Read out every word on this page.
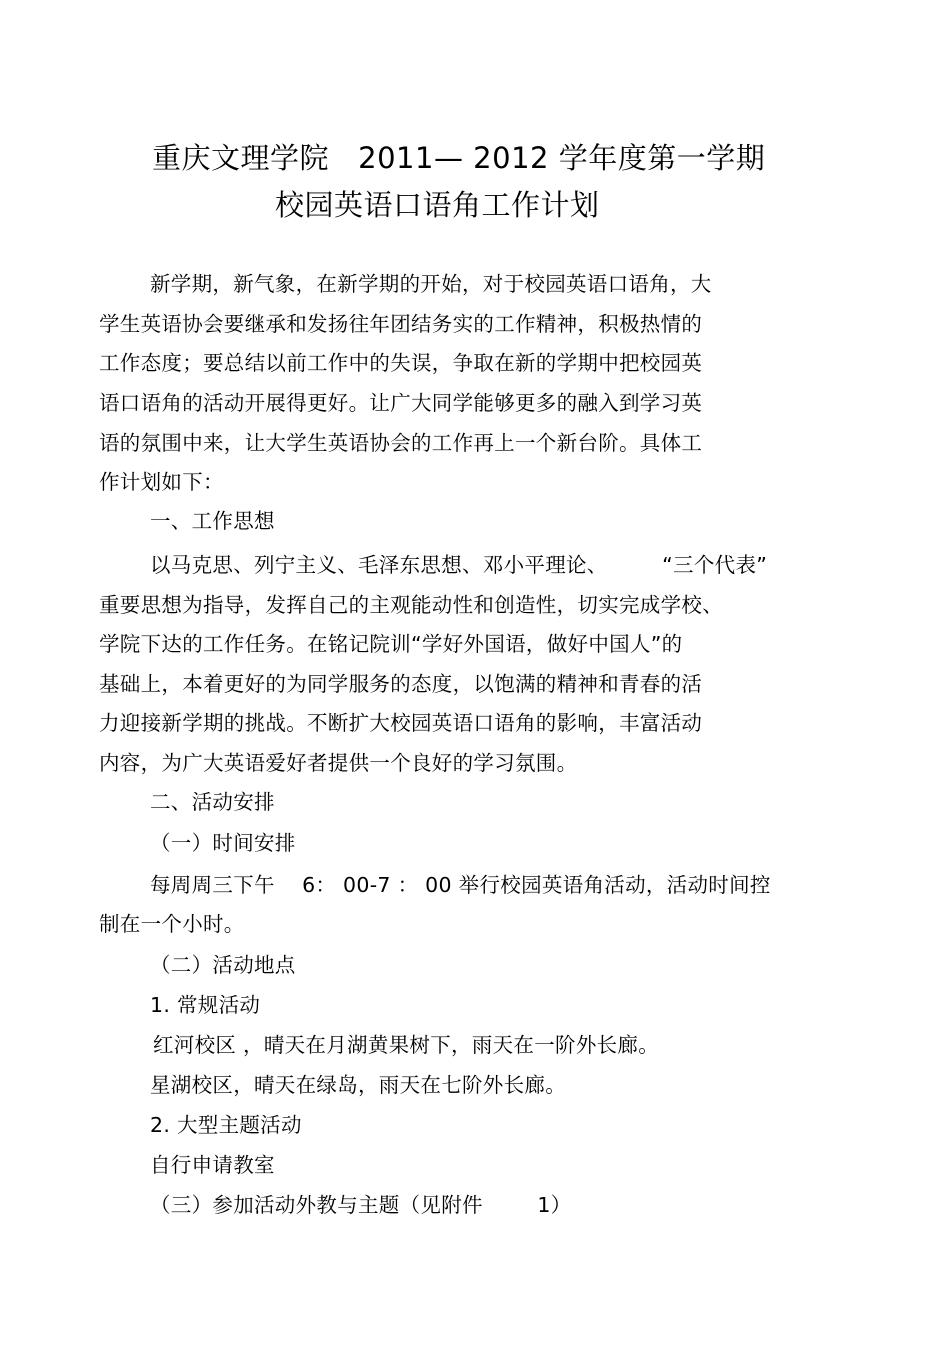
重庆文理学院   2011— 2012 学年度第一学期
校园英语口语角工作计划
新学期，新气象，在新学期的开始，对于校园英语口语角，大
学生英语协会要继承和发扬往年团结务实的工作精神，积极热情的
工作态度；要总结以前工作中的失误，争取在新的学期中把校园英
语口语角的活动开展得更好。让广大同学能够更多的融入到学习英
语的氛围中来，让大学生英语协会的工作再上一个新台阶。具体工
作计划如下：
一、工作思想
以马克思、列宁主义、毛泽东思想、邓小平理论、        “三个代表”
重要思想为指导，发挥自己的主观能动性和创造性，切实完成学校、
学院下达的工作任务。在铭记院训“学好外国语，做好中国人”的
基础上，本着更好的为同学服务的态度，以饱满的精神和青春的活
力迎接新学期的挑战。不断扩大校园英语口语角的影响，丰富活动
内容，为广大英语爱好者提供一个良好的学习氛围。
二、活动安排
（一）时间安排
每周周三下午    6： 00-7 ： 00 举行校园英语角活动，活动时间控
制在一个小时。
（二）活动地点
1. 常规活动
红河校区 ，晴天在月湖黄果树下，雨天在一阶外长廊。
星湖校区，晴天在绿岛，雨天在七阶外长廊。
2. 大型主题活动
自行申请教室
（三）参加活动外教与主题（见附件        1）
